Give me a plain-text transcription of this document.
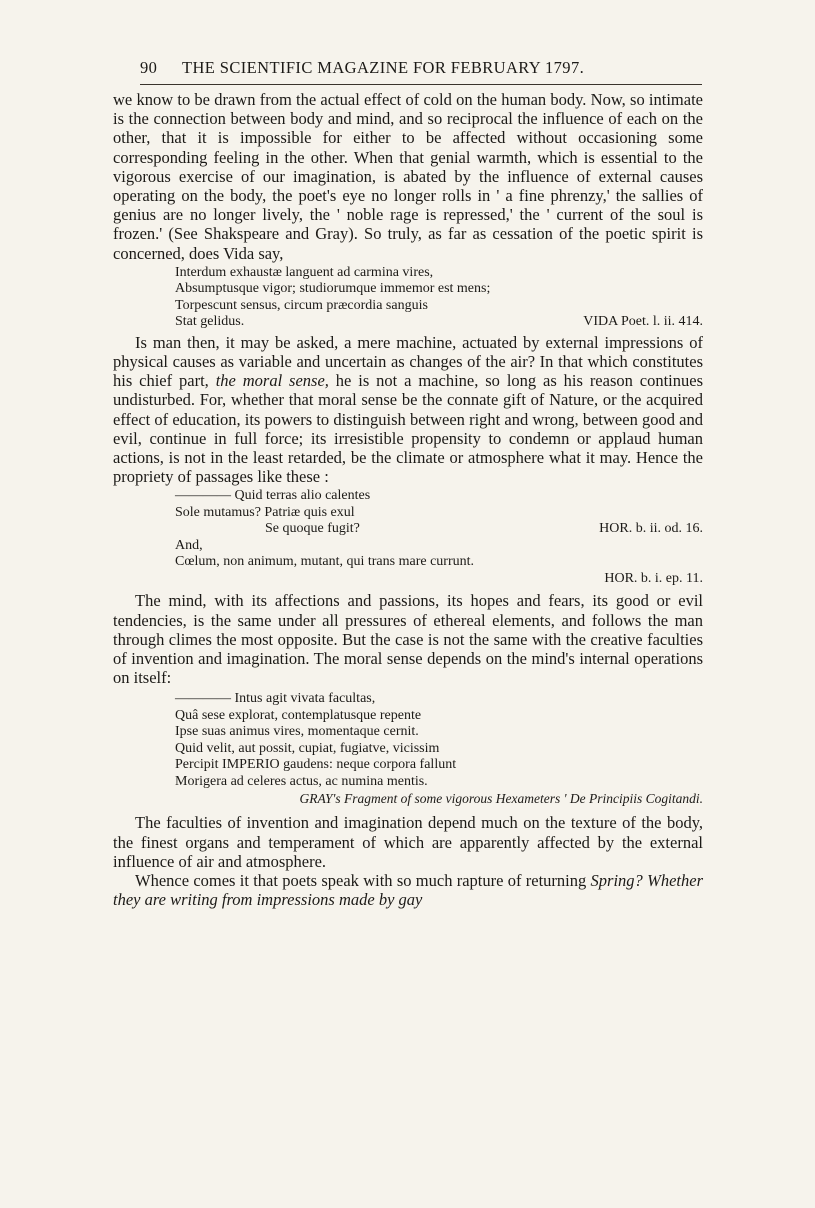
90 THE SCIENTIFIC MAGAZINE FOR FEBRUARY 1797.

we know to be drawn from the actual effect of cold on the human body. Now, so intimate is the connection between body and mind, and so reciprocal the influence of each on the other, that it is impossible for either to be affected without occasioning some corresponding feeling in the other. When that genial warmth, which is essential to the vigorous exercise of our imagination, is abated by the influence of external causes operating on the body, the poet's eye no longer rolls in ' a fine phrenzy,' the sallies of genius are no longer lively, the ' noble rage is repressed,' the ' current of the soul is frozen.' (See Shakspeare and Gray). So truly, as far as cessation of the poetic spirit is concerned, does Vida say,

Interdum exhaustæ languent ad carmina vires,
Absumptusque vigor; studiorumque immemor est mens;
Torpescunt sensus, circum præcordia sanguis
Stat gelidus.	VIDA Poet. l. ii. 414.

Is man then, it may be asked, a mere machine, actuated by external impressions of physical causes as variable and uncertain as changes of the air? In that which constitutes his chief part, the moral sense, he is not a machine, so long as his reason continues undisturbed. For, whether that moral sense be the connate gift of Nature, or the acquired effect of education, its powers to distinguish between right and wrong, between good and evil, continue in full force; its irresistible propensity to condemn or applaud human actions, is not in the least retarded, be the climate or atmosphere what it may. Hence the propriety of passages like these :

———— Quid terras alio calentes
Sole mutamus? Patriæ quis exul
Se quoque fugit?	HOR. b. ii. od. 16.
And,
Cœlum, non animum, mutant, qui trans mare currunt.
HOR. b. i. ep. 11.

The mind, with its affections and passions, its hopes and fears, its good or evil tendencies, is the same under all pressures of ethereal elements, and follows the man through climes the most opposite. But the case is not the same with the creative faculties of invention and imagination. The moral sense depends on the mind's internal operations on itself:

———— Intus agit vivata facultas,
Quâ sese explorat, contemplatusque repente
Ipse suas animus vires, momentaque cernit.
Quid velit, aut possit, cupiat, fugiatve, vicissim
Percipit IMPERIO gaudens: neque corpora fallunt
Morigera ad celeres actus, ac numina mentis.
GRAY's Fragment of some vigorous Hexameters ' De Principiis Cogitandi.

The faculties of invention and imagination depend much on the texture of the body, the finest organs and temperament of which are apparently affected by the external influence of air and atmosphere.

Whence comes it that poets speak with so much rapture of returning Spring? Whether they are writing from impressions made by gay
